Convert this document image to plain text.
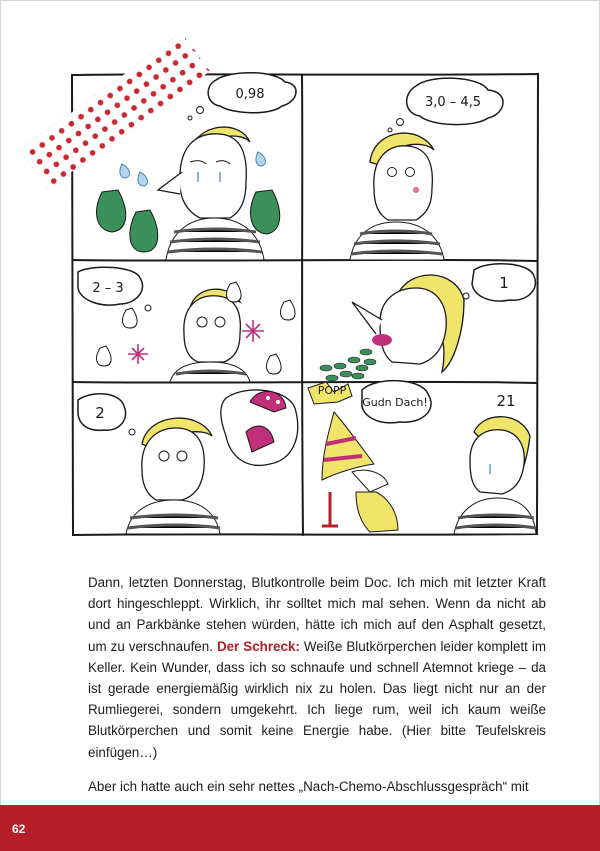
0,98
3,0 – 4,5
2 – 3	1
2
POPP
Gudn Dach!	21

Dann, letzten Donnerstag, Blutkontrolle beim Doc. Ich mich mit letzter Kraft dort hingeschleppt. Wirklich, ihr solltet mich mal sehen. Wenn da nicht ab und an Parkbänke stehen würden, hätte ich mich auf den Asphalt gesetzt, um zu verschnaufen. Der Schreck: Weiße Blutkörperchen leider komplett im Keller. Kein Wunder, dass ich so schnaufe und schnell Atemnot kriege – da ist gerade energiemäßig wirklich nix zu holen. Das liegt nicht nur an der Rumliegerei, sondern umgekehrt. Ich liege rum, weil ich kaum weiße Blutkörperchen und somit keine Energie habe. (Hier bitte Teufelskreis einfügen…)

Aber ich hatte auch ein sehr nettes „Nach-Chemo-Abschlussgespräch“ mit

62
